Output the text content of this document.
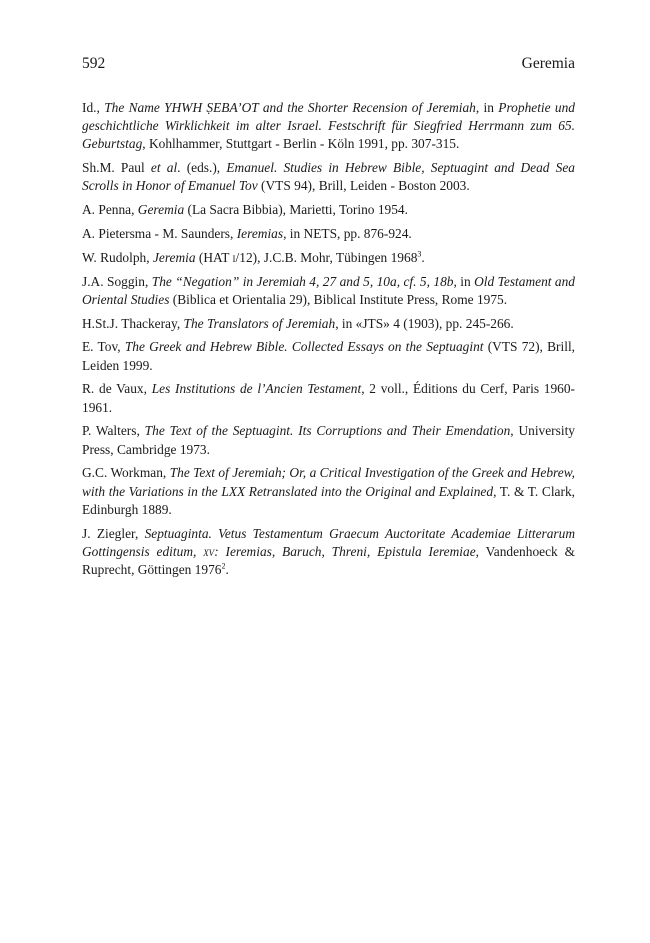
592	Geremia
Id., The Name YHWH ṢEBA’OT and the Shorter Recension of Jeremiah, in Prophetie und geschichtliche Wirklichkeit im alter Israel. Festschrift für Siegfried Herrmann zum 65. Geburtstag, Kohlhammer, Stuttgart - Berlin - Köln 1991, pp. 307-315.
Sh.M. Paul et al. (eds.), Emanuel. Studies in Hebrew Bible, Septuagint and Dead Sea Scrolls in Honor of Emanuel Tov (VTS 94), Brill, Leiden - Boston 2003.
A. Penna, Geremia (La Sacra Bibbia), Marietti, Torino 1954.
A. Pietersma - M. Saunders, Ieremias, in NETS, pp. 876-924.
W. Rudolph, Jeremia (HAT i/12), J.C.B. Mohr, Tübingen 1968$^3$.
J.A. Soggin, The “Negation” in Jeremiah 4, 27 and 5, 10a, cf. 5, 18b, in Old Testament and Oriental Studies (Biblica et Orientalia 29), Biblical Institute Press, Rome 1975.
H.St.J. Thackeray, The Translators of Jeremiah, in «JTS» 4 (1903), pp. 245-266.
E. Tov, The Greek and Hebrew Bible. Collected Essays on the Septuagint (VTS 72), Brill, Leiden 1999.
R. de Vaux, Les Institutions de l’Ancien Testament, 2 voll., Éditions du Cerf, Paris 1960-1961.
P. Walters, The Text of the Septuagint. Its Corruptions and Their Emendation, University Press, Cambridge 1973.
G.C. Workman, The Text of Jeremiah; Or, a Critical Investigation of the Greek and Hebrew, with the Variations in the LXX Retranslated into the Original and Explained, T. & T. Clark, Edinburgh 1889.
J. Ziegler, Septuaginta. Vetus Testamentum Graecum Auctoritate Academiae Litterarum Gottingensis editum, xv: Ieremias, Baruch, Threni, Epistula Ieremiae, Vandenhoeck & Ruprecht, Göttingen 1976$^2$.
